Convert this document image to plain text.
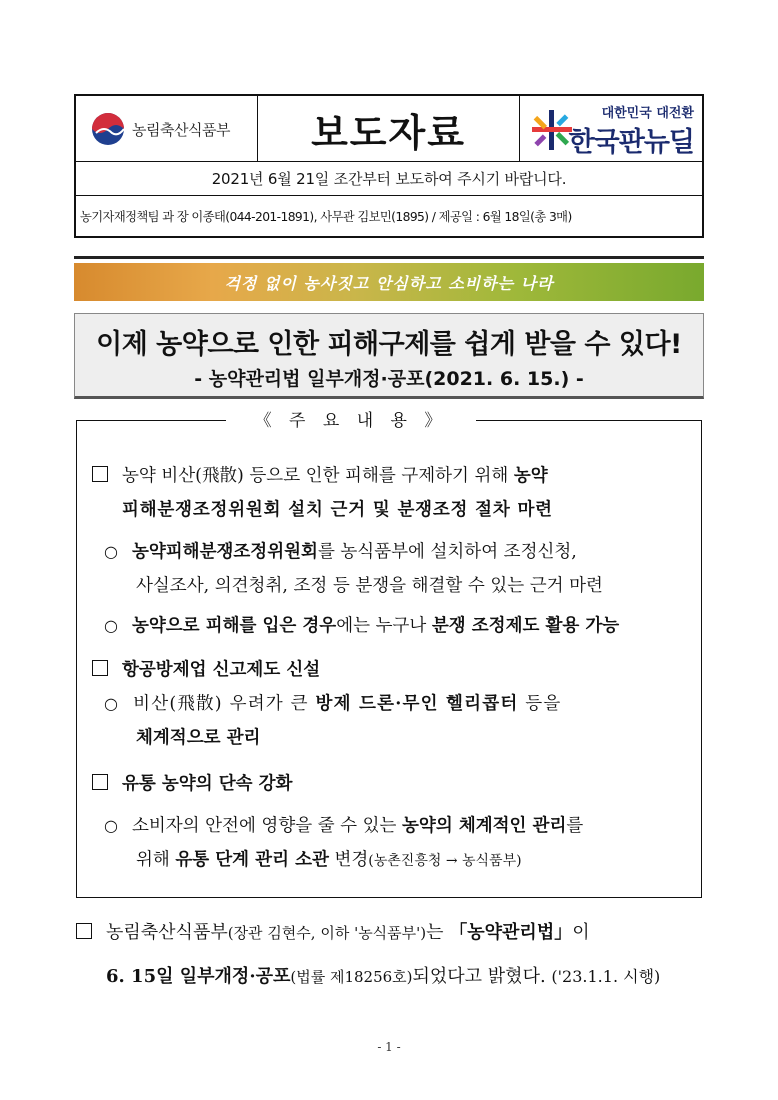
농림축산식품부 보도자료	대한민국 대전환
한국판뉴딜
2021년 6월 21일 조간부터 보도하여 주시기 바랍니다.
농기자재정책팀 과 장 이종태(044-201-1891), 사무관 김보민(1895) / 제공일 : 6월 18일(총 3매)
걱정 없이 농사짓고 안심하고 소비하는 나라
이제 농약으로 인한 피해구제를 쉽게 받을 수 있다!
- 농약관리법 일부개정·공포(2021. 6. 15.) -
《 주 요 내 용 》
농약 비산(飛散) 등으로 인한 피해를 구제하기 위해 농약
피해분쟁조정위원회 설치 근거 및 분쟁조정 절차 마련
○ 농약피해분쟁조정위원회를 농식품부에 설치하여 조정신청,
사실조사, 의견청취, 조정 등 분쟁을 해결할 수 있는 근거 마련
○ 농약으로 피해를 입은 경우에는 누구나 분쟁 조정제도 활용 가능
항공방제업 신고제도 신설
○ 비산(飛散) 우려가 큰 방제 드론·무인 헬리콥터 등을
체계적으로 관리
유통 농약의 단속 강화
○ 소비자의 안전에 영향을 줄 수 있는 농약의 체계적인 관리를
위해 유통 단계 관리 소관 변경(농촌진흥청 → 농식품부)
농림축산식품부(장관 김현수, 이하 '농식품부')는 「농약관리법」이
6. 15일 일부개정·공포(법률 제18256호)되었다고 밝혔다. ('23.1.1. 시행)
- 1 -
